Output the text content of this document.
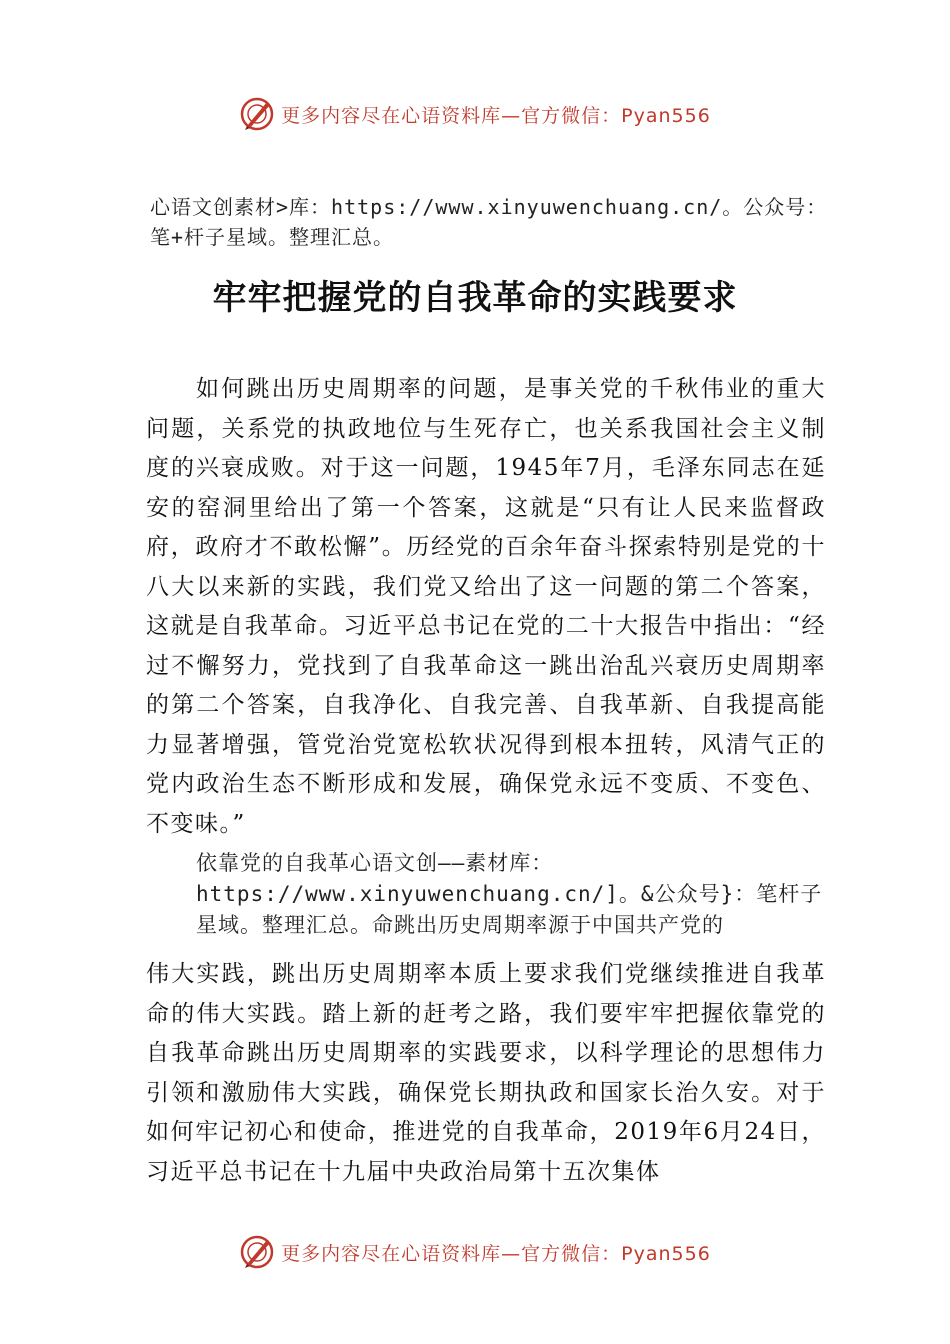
更多内容尽在心语资料库—官方微信：Pyan556
心语文创素材>库：https://www.xinyuwenchuang.cn/。公众号：笔+杆子星域。整理汇总。
牢牢把握党的自我革命的实践要求
如何跳出历史周期率的问题，是事关党的千秋伟业的重大问题，关系党的执政地位与生死存亡，也关系我国社会主义制度的兴衰成败。对于这一问题，1945年7月，毛泽东同志在延安的窑洞里给出了第一个答案，这就是“只有让人民来监督政府，政府才不敢松懈”。历经党的百余年奋斗探索特别是党的十八大以来新的实践，我们党又给出了这一问题的第二个答案，这就是自我革命。习近平总书记在党的二十大报告中指出：“经过不懈努力，党找到了自我革命这一跳出治乱兴衰历史周期率的第二个答案，自我净化、自我完善、自我革新、自我提高能力显著增强，管党治党宽松软状况得到根本扭转，风清气正的党内政治生态不断形成和发展，确保党永远不变质、不变色、不变味。”
依靠党的自我革心语文创——素材库：https://www.xinyuwenchuang.cn/]。&公众号}：笔杆子星域。整理汇总。命跳出历史周期率源于中国共产党的
伟大实践，跳出历史周期率本质上要求我们党继续推进自我革命的伟大实践。踏上新的赶考之路，我们要牢牢把握依靠党的自我革命跳出历史周期率的实践要求，以科学理论的思想伟力引领和激励伟大实践，确保党长期执政和国家长治久安。对于如何牢记初心和使命，推进党的自我革命，2019年6月24日，习近平总书记在十九届中央政治局第十五次集体
更多内容尽在心语资料库—官方微信：Pyan556
